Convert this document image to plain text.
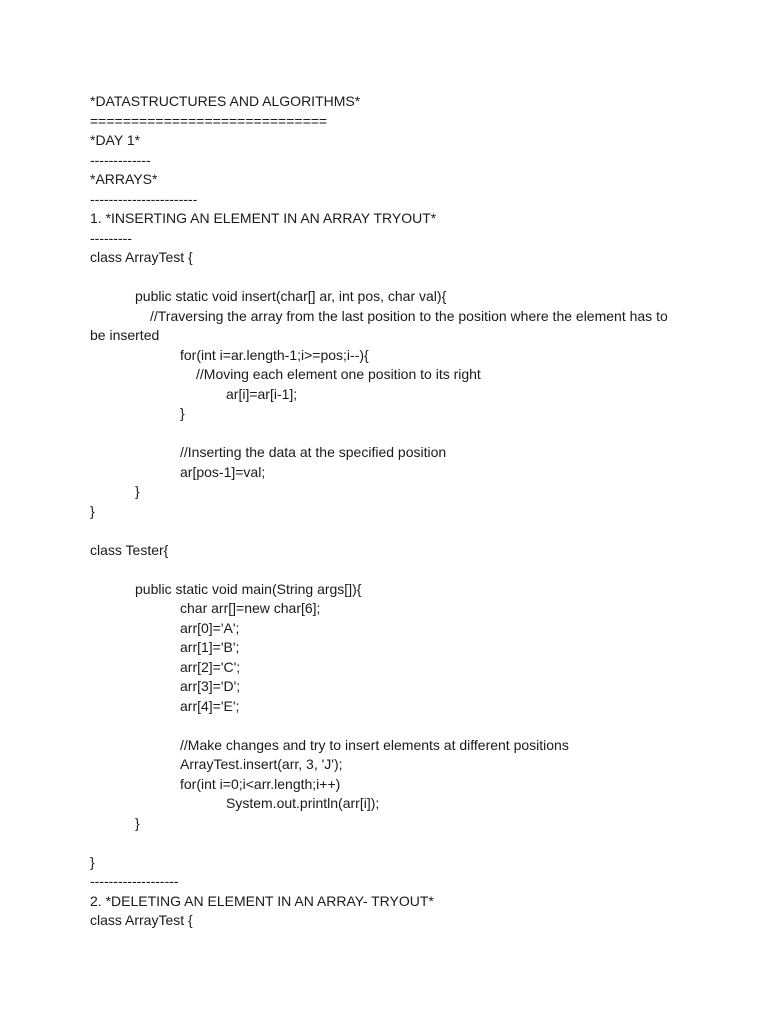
*DATASTRUCTURES AND ALGORITHMS*
=============================
*DAY 1*
-------------
*ARRAYS*
-----------------------
1. *INSERTING AN ELEMENT IN AN ARRAY TRYOUT*
---------
class ArrayTest {
public static void insert(char[] ar, int pos, char val){
//Traversing the array from the last position to the position where the element has to
be inserted
for(int i=ar.length-1;i>=pos;i--){
//Moving each element one position to its right
ar[i]=ar[i-1];
}
//Inserting the data at the specified position
ar[pos-1]=val;
}
}
class Tester{
public static void main(String args[]){
char arr[]=new char[6];
arr[0]='A';
arr[1]='B';
arr[2]='C';
arr[3]='D';
arr[4]='E';
//Make changes and try to insert elements at different positions
ArrayTest.insert(arr, 3, 'J');
for(int i=0;i<arr.length;i++)
System.out.println(arr[i]);
}
}
-------------------
2. *DELETING AN ELEMENT IN AN ARRAY- TRYOUT*
class ArrayTest {
